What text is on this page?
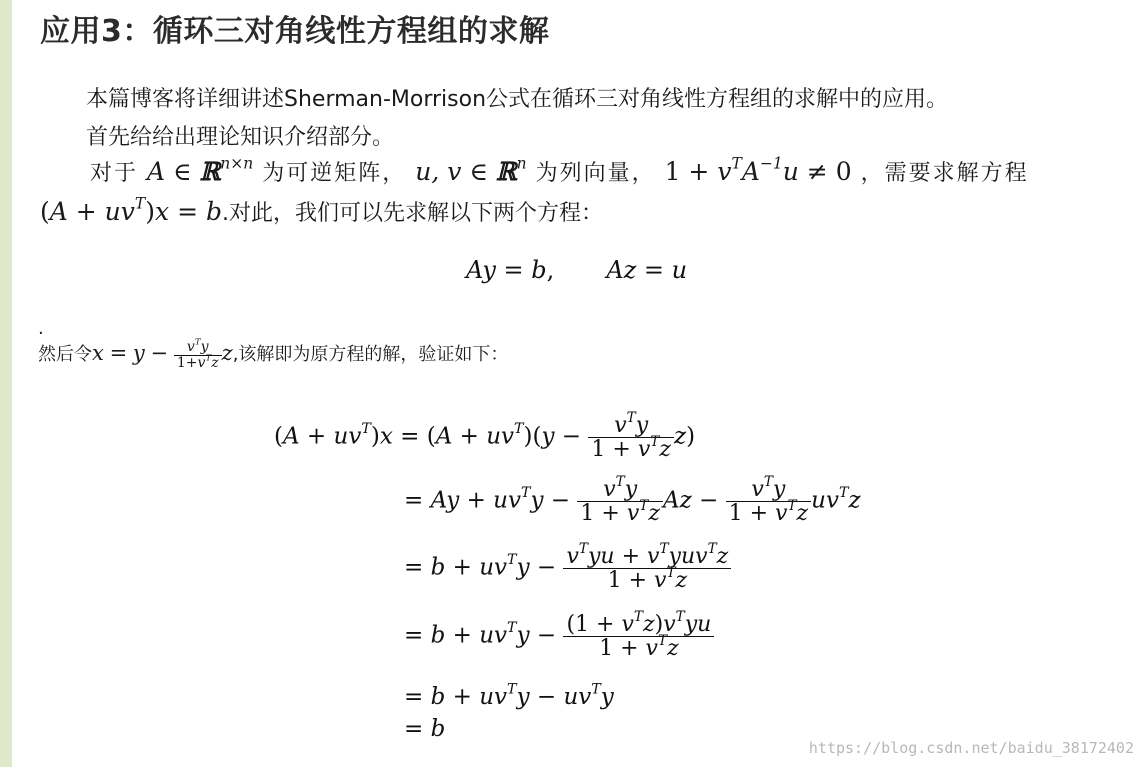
应用3：循环三对角线性方程组的求解
本篇博客将详细讲述Sherman-Morrison公式在循环三对角线性方程组的求解中的应用。
首先给给出理论知识介绍部分。
对于 A ∈ ℝ$^{n\times n}$ 为可逆矩阵， u, v ∈ ℝ$^n$ 为列向量， $1 + v^TA^{-1}u \ne 0$ ，需要求解方程
$(A + uv^T)x = b$.对此，我们可以先求解以下两个方程：
Ay = b, Az = u
.
然后令$x = y - \frac{v^Ty}{1+v^Tz} z$,该解即为原方程的解，验证如下：
$(A + uv^T)x = (A + uv^T)(y - \frac{v^Ty}{1 + v^Tz} z)$
= $Ay + uv^Ty - \frac{v^Ty}{1 + v^Tz}$ $Az - \frac{v^Ty}{1 + v^Tz} uv^Tz$
= $b + uv^Ty - \frac{v^Tyu + v^Tyuv^Tz}{1 + v^Tz}$
= $b + uv^Ty - \frac{(1 + v^Tz)v^Tyu}{1 + v^Tz}$
= $b + uv^Ty - uv^Ty$
= b
https://blog.csdn.net/baidu_38172402
